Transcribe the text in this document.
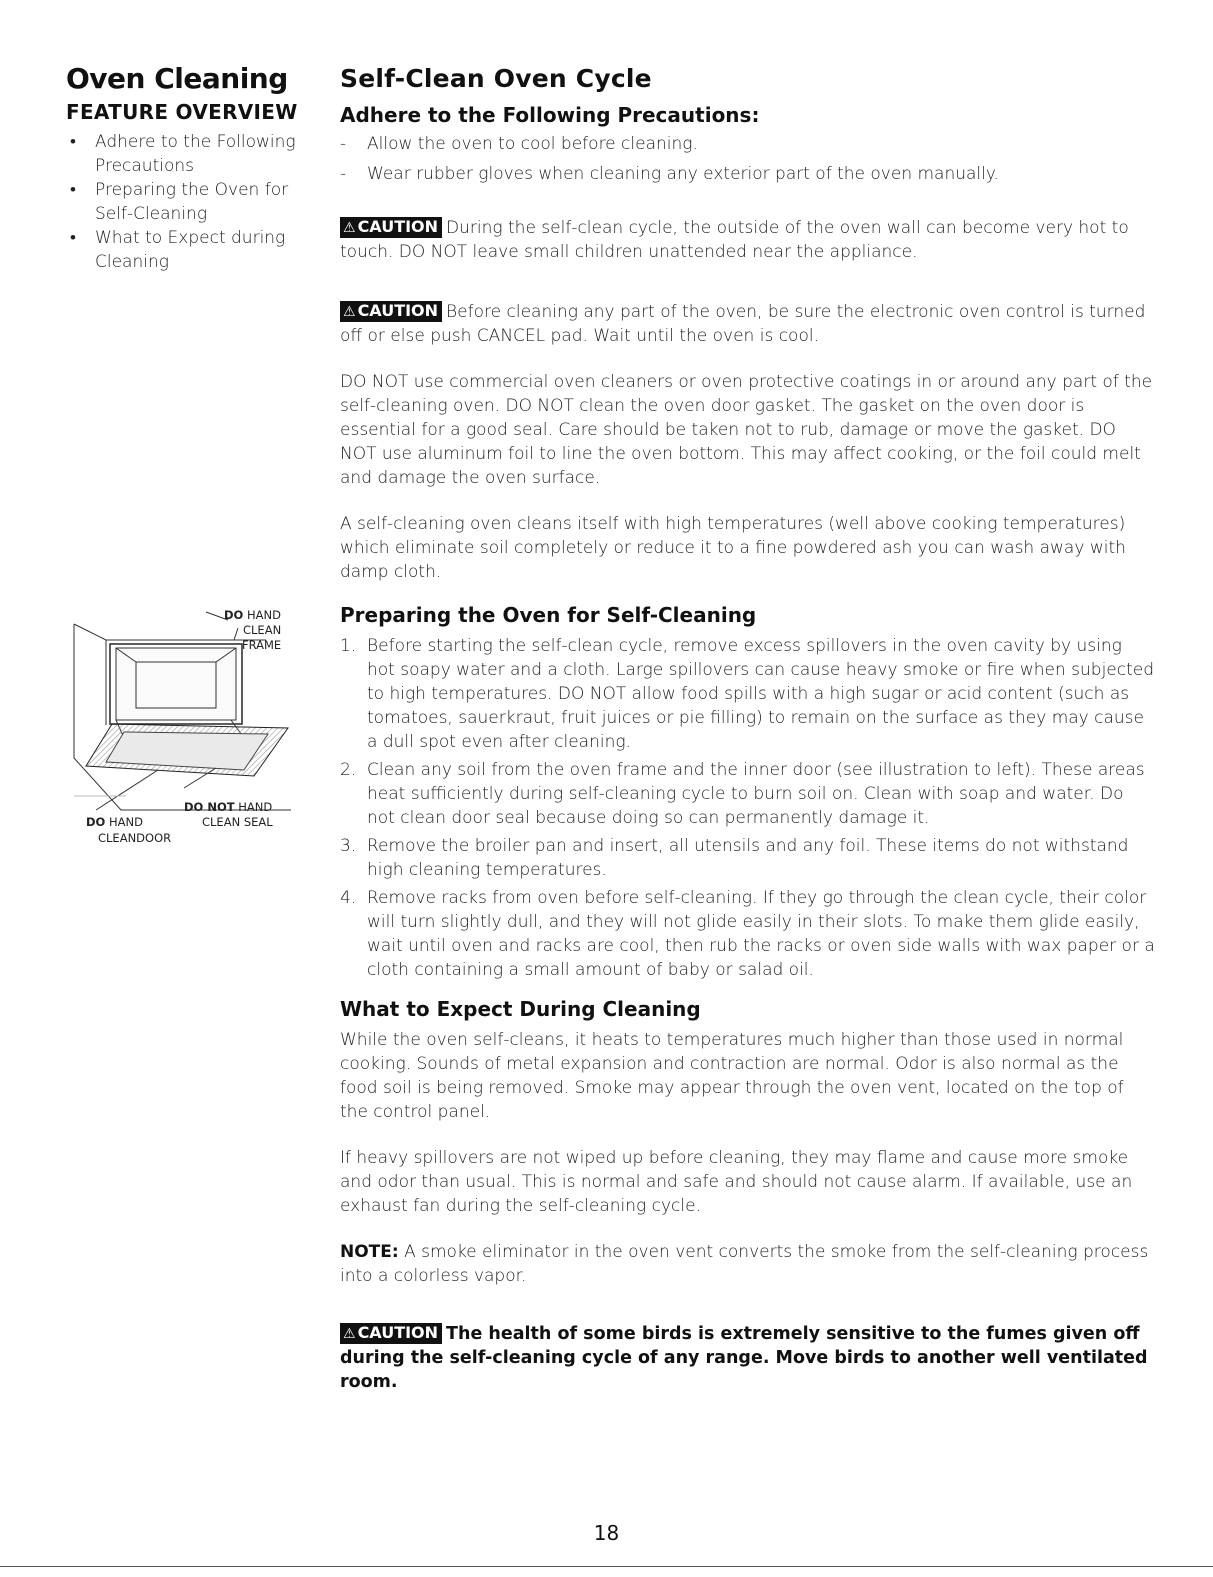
Oven Cleaning
FEATURE OVERVIEW
• Adhere to the Following Precautions
• Preparing the Oven for Self-Cleaning
• What to Expect during Cleaning
DO HAND
CLEAN
FRAME
DO NOT HAND
CLEAN SEAL
DO HAND
CLEANDOOR
Self-Clean Oven Cycle
Adhere to the Following Precautions:
- Allow the oven to cool before cleaning.
- Wear rubber gloves when cleaning any exterior part of the oven manually.

⚠ CAUTION During the self-clean cycle, the outside of the oven wall can become very hot to touch. DO NOT leave small children unattended near the appliance.

⚠ CAUTION Before cleaning any part of the oven, be sure the electronic oven control is turned off or else push CANCEL pad. Wait until the oven is cool.

DO NOT use commercial oven cleaners or oven protective coatings in or around any part of the self-cleaning oven. DO NOT clean the oven door gasket. The gasket on the oven door is essential for a good seal. Care should be taken not to rub, damage or move the gasket. DO NOT use aluminum foil to line the oven bottom. This may affect cooking, or the foil could melt and damage the oven surface.

A self-cleaning oven cleans itself with high temperatures (well above cooking temperatures) which eliminate soil completely or reduce it to a fine powdered ash you can wash away with damp cloth.

Preparing the Oven for Self-Cleaning
1. Before starting the self-clean cycle, remove excess spillovers in the oven cavity by using hot soapy water and a cloth. Large spillovers can cause heavy smoke or fire when subjected to high temperatures. DO NOT allow food spills with a high sugar or acid content (such as tomatoes, sauerkraut, fruit juices or pie filling) to remain on the surface as they may cause a dull spot even after cleaning.
2. Clean any soil from the oven frame and the inner door (see illustration to left). These areas heat sufficiently during self-cleaning cycle to burn soil on. Clean with soap and water. Do not clean door seal because doing so can permanently damage it.
3. Remove the broiler pan and insert, all utensils and any foil. These items do not withstand high cleaning temperatures.
4. Remove racks from oven before self-cleaning. If they go through the clean cycle, their color will turn slightly dull, and they will not glide easily in their slots. To make them glide easily, wait until oven and racks are cool, then rub the racks or oven side walls with wax paper or a cloth containing a small amount of baby or salad oil.
What to Expect During Cleaning

While the oven self-cleans, it heats to temperatures much higher than those used in normal cooking. Sounds of metal expansion and contraction are normal. Odor is also normal as the food soil is being removed. Smoke may appear through the oven vent, located on the top of the control panel.

If heavy spillovers are not wiped up before cleaning, they may flame and cause more smoke and odor than usual. This is normal and safe and should not cause alarm. If available, use an exhaust fan during the self-cleaning cycle.

NOTE: A smoke eliminator in the oven vent converts the smoke from the self-cleaning process into a colorless vapor.

⚠ CAUTION The health of some birds is extremely sensitive to the fumes given off during the self-cleaning cycle of any range. Move birds to another well ventilated room.

18
